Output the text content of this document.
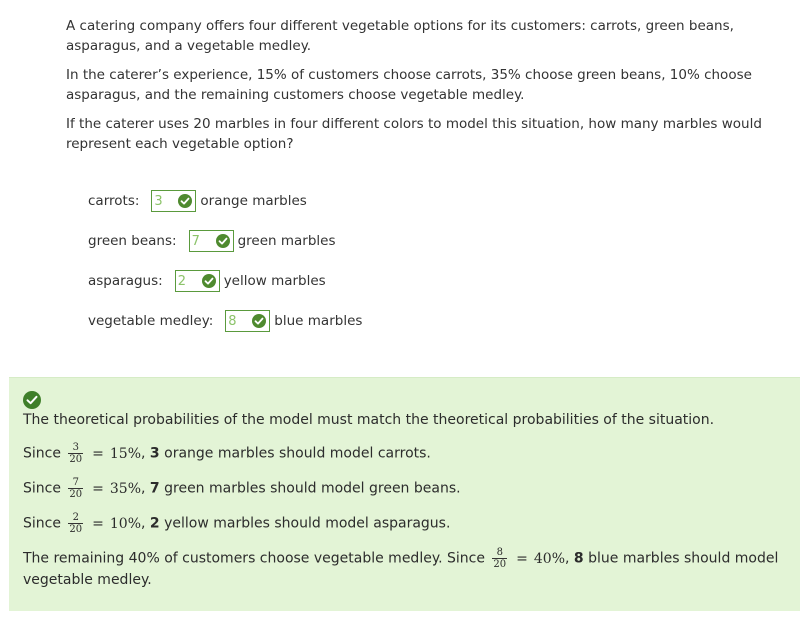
A catering company offers four different vegetable options for its customers: carrots, green beans, asparagus, and a vegetable medley.

In the caterer’s experience, 15% of customers choose carrots, 35% choose green beans, 10% choose asparagus, and the remaining customers choose vegetable medley.

If the caterer uses 20 marbles in four different colors to model this situation, how many marbles would represent each vegetable option?

carrots: 3	orange marbles
green beans: 7	green marbles
asparagus: 2	yellow marbles
vegetable medley: 8	blue marbles
The theoretical probabilities of the model must match the theoretical probabilities of the situation.
Since $\frac{3}{20} = 15\%$, 3 orange marbles should model carrots.
Since $\frac{7}{20} = 35\%$, 7 green marbles should model green beans.
Since $\frac{2}{20} = 10\%$, 2 yellow marbles should model asparagus.
The remaining 40% of customers choose vegetable medley. Since $\frac{8}{20} = 40\%$, 8 blue marbles should model vegetable medley.
